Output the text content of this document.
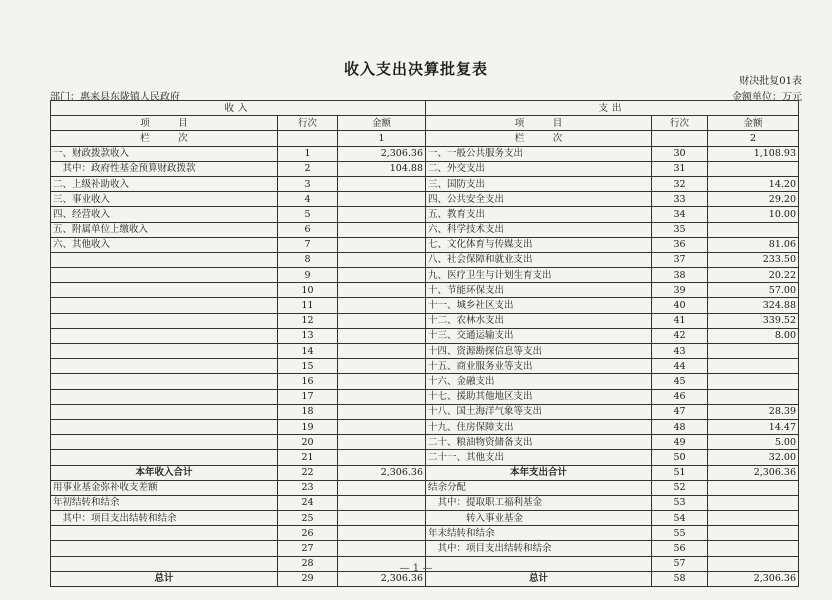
收入支出决算批复表
财决批复01表
部门：惠来县东陇镇人民政府	金额单位：万元
收入			支出		
项　　　目	行次	金额	项　　　目	行次	金额
栏　　　次		1	栏　　　次		2
一、财政拨款收入	1	2,306.36	一、一般公共服务支出	30	1,108.93
　其中：政府性基金预算财政拨款	2	104.88	二、外交支出	31	
二、上级补助收入	3		三、国防支出	32	14.20
三、事业收入	4		四、公共安全支出	33	29.20
四、经营收入	5		五、教育支出	34	10.00
五、附属单位上缴收入	6		六、科学技术支出	35	
六、其他收入	7		七、文化体育与传媒支出	36	81.06
	8		八、社会保障和就业支出	37	233.50
	9		九、医疗卫生与计划生育支出	38	20.22
	10		十、节能环保支出	39	57.00
	11		十一、城乡社区支出	40	324.88
	12		十二、农林水支出	41	339.52
	13		十三、交通运输支出	42	8.00
	14		十四、资源勘探信息等支出	43	
	15		十五、商业服务业等支出	44	
	16		十六、金融支出	45	
	17		十七、援助其他地区支出	46	
	18		十八、国土海洋气象等支出	47	28.39
	19		十九、住房保障支出	48	14.47
	20		二十、粮油物资储备支出	49	5.00
	21		二十一、其他支出	50	32.00
本年收入合计	22	2,306.36	本年支出合计	51	2,306.36
用事业基金弥补收支差额	23		结余分配	52	
年初结转和结余	24		　其中：提取职工福利基金	53	
　其中：项目支出结转和结余	25		　　　　转入事业基金	54	
	26		年末结转和结余	55	
	27		　其中：项目支出结转和结余	56	
	28			57	
总计	29	2,306.36	总计	58	2,306.36
— 1 —
